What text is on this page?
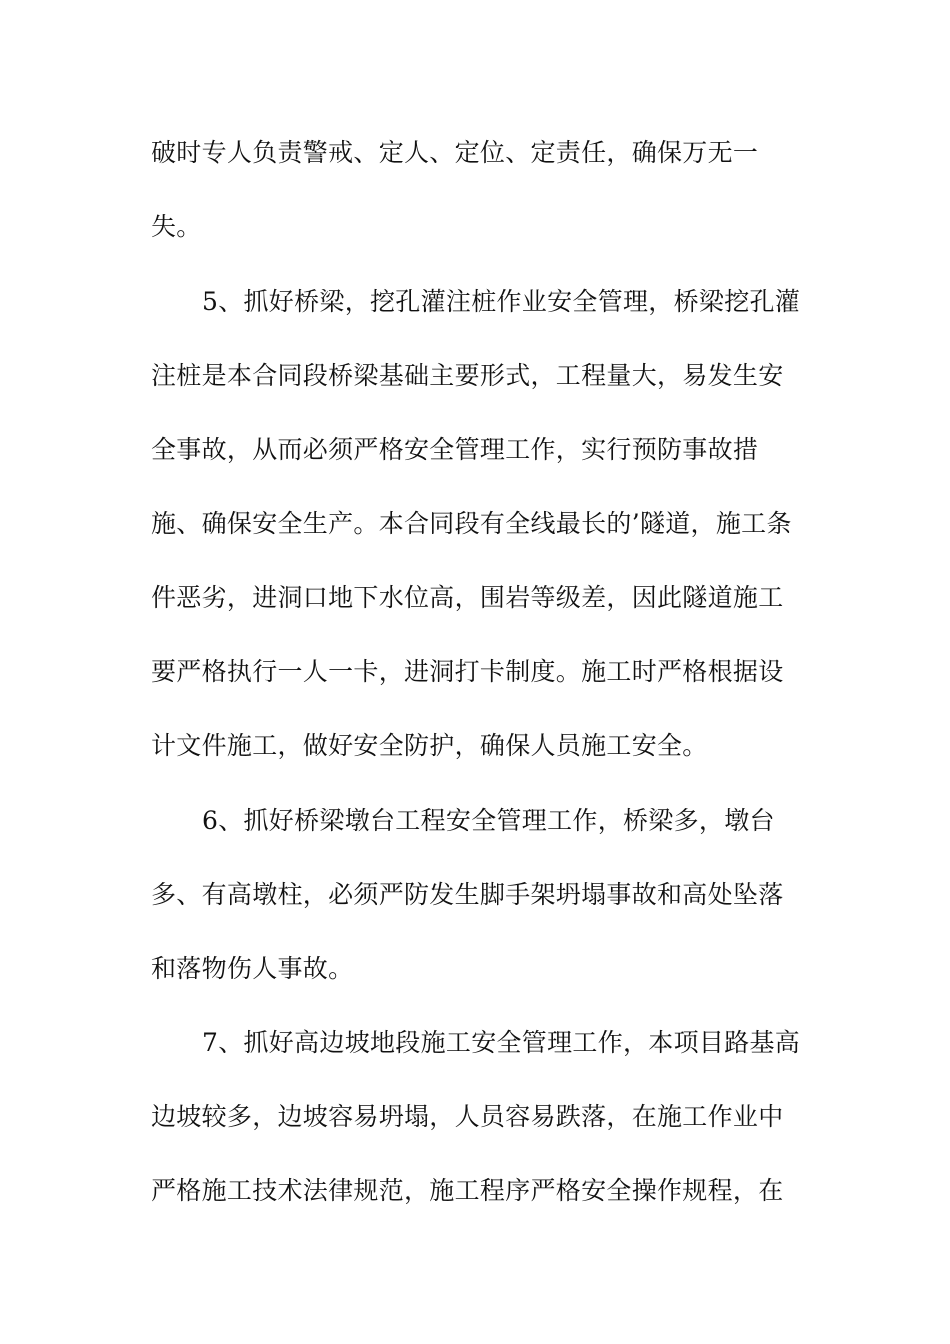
破时专人负责警戒、定人、定位、定责任，确保万无一
失。
5、抓好桥梁，挖孔灌注桩作业安全管理，桥梁挖孔灌
注桩是本合同段桥梁基础主要形式，工程量大，易发生安
全事故，从而必须严格安全管理工作，实行预防事故措
施、确保安全生产。本合同段有全线最长的’隧道，施工条
件恶劣，进洞口地下水位高，围岩等级差，因此隧道施工
要严格执行一人一卡，进洞打卡制度。施工时严格根据设
计文件施工，做好安全防护，确保人员施工安全。
6、抓好桥梁墩台工程安全管理工作，桥梁多，墩台
多、有高墩柱，必须严防发生脚手架坍塌事故和高处坠落
和落物伤人事故。
7、抓好高边坡地段施工安全管理工作，本项目路基高
边坡较多，边坡容易坍塌，人员容易跌落，在施工作业中
严格施工技术法律规范，施工程序严格安全操作规程，在
